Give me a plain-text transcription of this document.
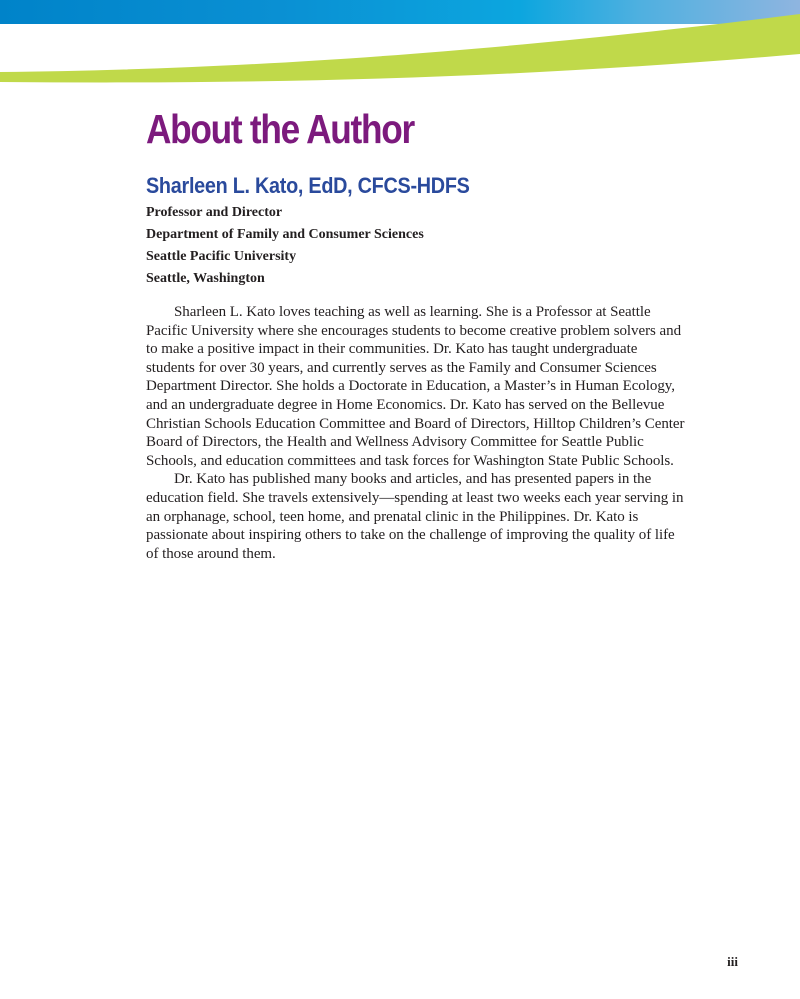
About the Author
Sharleen L. Kato, EdD, CFCS-HDFS
Professor and Director
Department of Family and Consumer Sciences
Seattle Pacific University
Seattle, Washington

Sharleen L. Kato loves teaching as well as learning. She is a Professor at Seattle Pacific University where she encourages students to become creative problem solvers and to make a positive impact in their communities. Dr. Kato has taught undergraduate students for over 30 years, and currently serves as the Family and Consumer Sciences Department Director. She holds a Doctorate in Education, a Master’s in Human Ecology, and an undergraduate degree in Home Economics. Dr. Kato has served on the Bellevue Christian Schools Education Committee and Board of Directors, Hilltop Children’s Center Board of Directors, the Health and Wellness Advisory Committee for Seattle Public Schools, and education committees and task forces for Washington State Public Schools.

Dr. Kato has published many books and articles, and has presented papers in the education field. She travels extensively—spending at least two weeks each year serving in an orphanage, school, teen home, and prenatal clinic in the Philippines. Dr. Kato is passionate about inspiring others to take on the challenge of improving the quality of life of those around them.

iii
